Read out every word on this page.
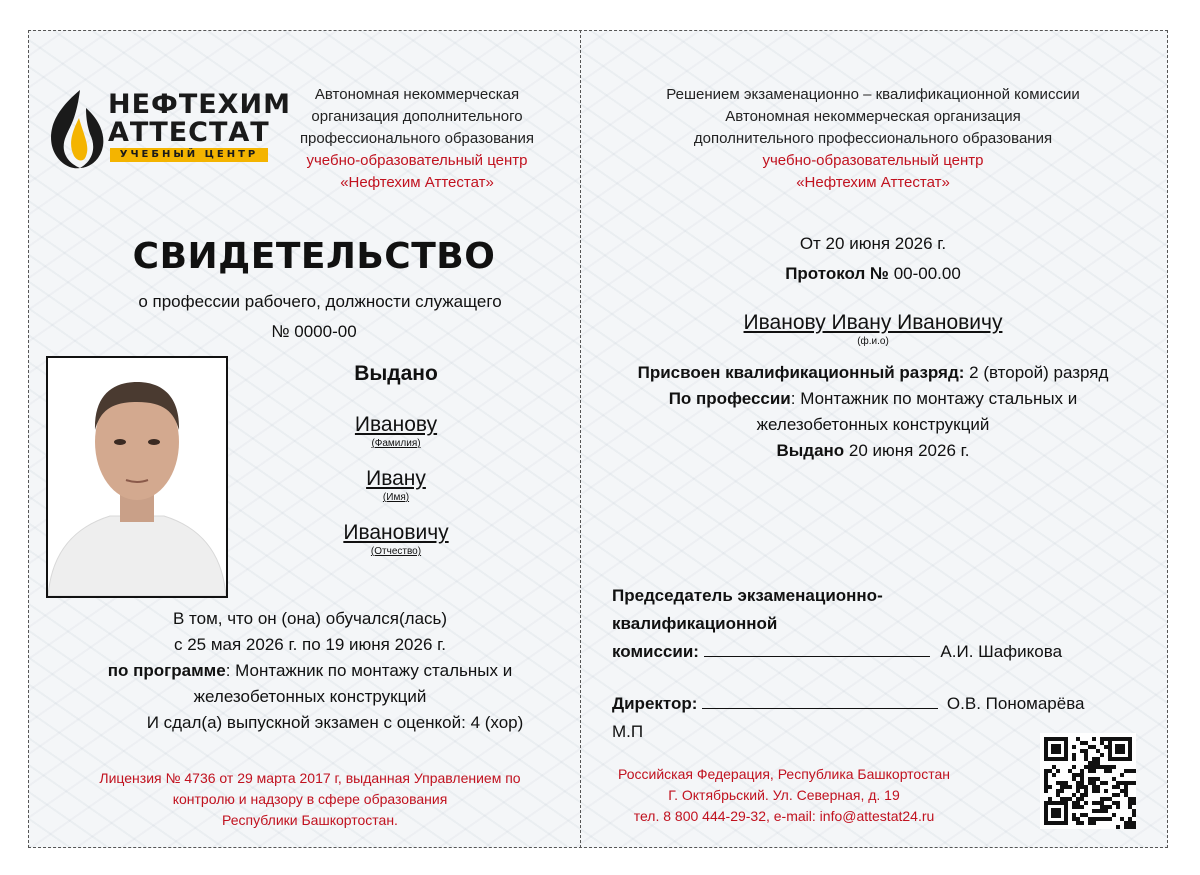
НЕФТЕХИМ
АТТЕСТАТ
УЧЕБНЫЙ ЦЕНТР
Автономная некоммерческая
организация дополнительного
профессионального образования
учебно-образовательный центр
«Нефтехим Аттестат»
СВИДЕТЕЛЬСТВО
о профессии рабочего, должности служащего
№ 0000-00
Выдано
Иванову
(Фамилия)
Ивану
(Имя)
Ивановичу
(Отчество)
В том, что он (она) обучался(лась)
с 25 мая 2026 г. по 19 июня 2026 г.
по программе: Монтажник по монтажу стальных и
железобетонных конструкций
И сдал(а) выпускной экзамен с оценкой: 4 (хор)
Лицензия № 4736 от 29 марта 2017 г, выданная Управлением по
контролю и надзору в сфере образования
Республики Башкортостан.
Решением экзаменационно – квалификационной комиссии
Автономная некоммерческая организация
дополнительного профессионального образования
учебно-образовательный центр
«Нефтехим Аттестат»
От 20 июня 2026 г.
Протокол № 00-00.00
Иванову Ивану Ивановичу
(ф.и.о)
Присвоен квалификационный разряд: 2 (второй) разряд
По профессии: Монтажник по монтажу стальных и
железобетонных конструкций
Выдано 20 июня 2026 г.
Председатель экзаменационно-
квалификационной
комиссии:	А.И. Шафикова
Директор:	О.В. Пономарёва
М.П
Российская Федерация, Республика Башкортостан
Г. Октябрьский. Ул. Северная, д. 19
тел. 8 800 444-29-32, e-mail: info@attestat24.ru
